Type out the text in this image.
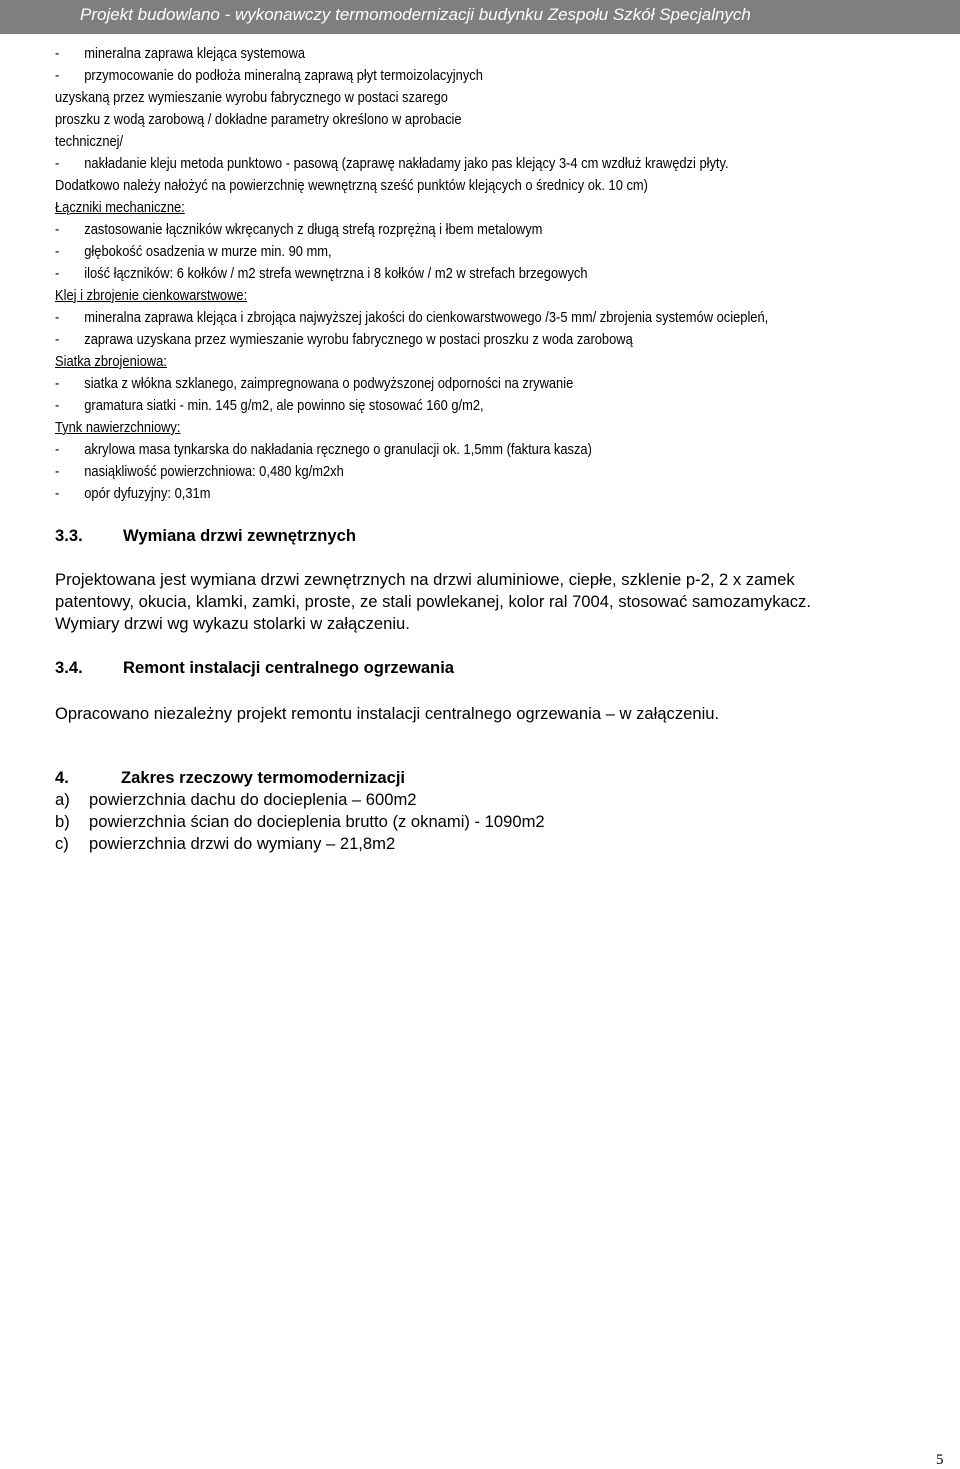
Projekt budowlano - wykonawczy termomodernizacji budynku Zespołu Szkół Specjalnych
- mineralna zaprawa klejąca systemowa
- przymocowanie do podłoża mineralną zaprawą płyt termoizolacyjnych
uzyskaną przez wymieszanie wyrobu fabrycznego w postaci szarego
proszku z wodą zarobową / dokładne parametry określono w aprobacie
technicznej/
- nakładanie kleju metoda punktowo - pasową (zaprawę nakładamy jako pas klejący 3-4 cm wzdłuż krawędzi płyty.
Dodatkowo należy nałożyć na powierzchnię wewnętrzną sześć punktów klejących o średnicy ok. 10 cm)
Łączniki mechaniczne:
- zastosowanie łączników wkręcanych z długą strefą rozprężną i łbem metalowym
- głębokość osadzenia w murze min. 90 mm,
- ilość łączników: 6 kołków / m2 strefa wewnętrzna i 8 kołków / m2 w strefach brzegowych
Klej i zbrojenie cienkowarstwowe:
- mineralna zaprawa klejąca i zbrojąca najwyższej jakości do cienkowarstwowego /3-5 mm/ zbrojenia systemów ociepleń,
- zaprawa uzyskana przez wymieszanie wyrobu fabrycznego w postaci proszku z woda zarobową
Siatka zbrojeniowa:
- siatka z włókna szklanego, zaimpregnowana o podwyższonej odporności na zrywanie
- gramatura siatki - min. 145 g/m2, ale powinno się stosować 160 g/m2,
Tynk nawierzchniowy:
- akrylowa masa tynkarska do nakładania ręcznego o granulacji ok. 1,5mm (faktura kasza)
- nasiąkliwość powierzchniowa: 0,480 kg/m2xh
- opór dyfuzyjny: 0,31m
3.3. Wymiana drzwi zewnętrznych
Projektowana jest wymiana drzwi zewnętrznych na drzwi aluminiowe, ciepłe, szklenie p-2, 2 x zamek
patentowy, okucia, klamki, zamki, proste, ze stali powlekanej, kolor ral 7004, stosować samozamykacz.
Wymiary drzwi wg wykazu stolarki w załączeniu.
3.4. Remont instalacji centralnego ogrzewania
Opracowano niezależny projekt remontu instalacji centralnego ogrzewania – w załączeniu.
4.	Zakres rzeczowy termomodernizacji
a) powierzchnia dachu do docieplenia – 600m2
b) powierzchnia ścian do docieplenia brutto (z oknami) - 1090m2
c) powierzchnia drzwi do wymiany – 21,8m2
5
